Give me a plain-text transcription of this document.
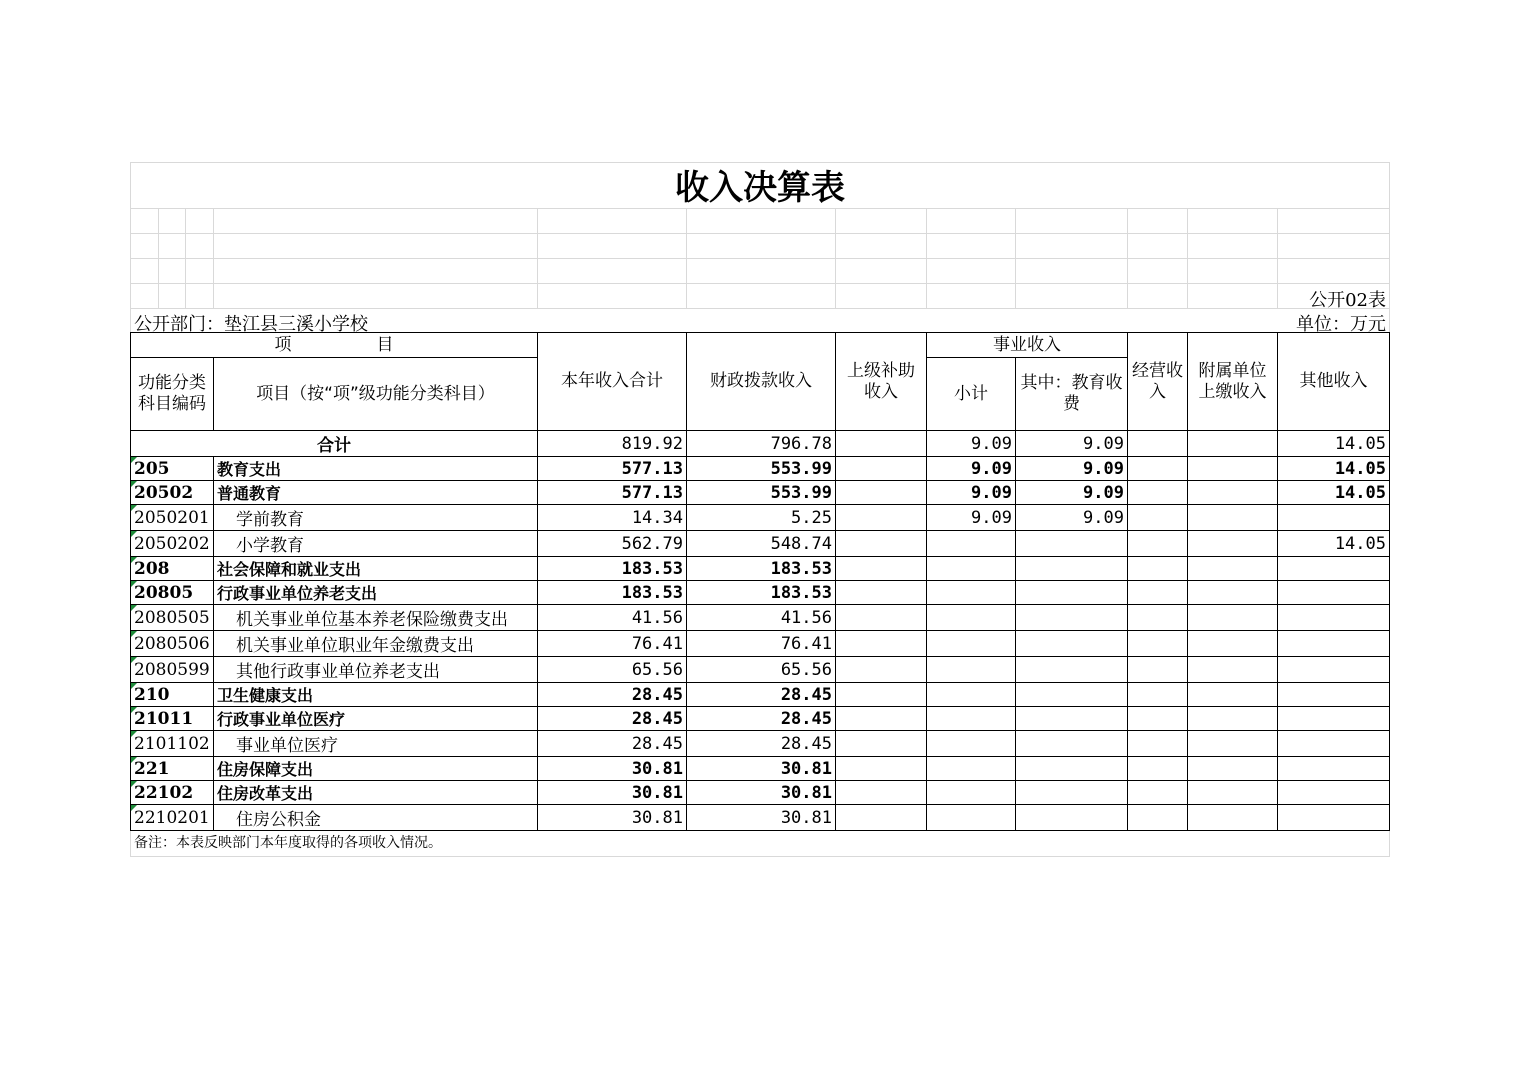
收入决算表
公开02表
公开部门：垫江县三溪小学校	单位：万元
项　　　　　目		本年收入合计	财政拨款收入	上级补助收入	事业收入		经营收入	附属单位上缴收入	其他收入
功能分类科目编码	项目（按“项”级功能分类科目）				小计	其中：教育收费			
合计		819.92	796.78		9.09	9.09			14.05
205	教育支出	577.13	553.99		9.09	9.09			14.05
20502	普通教育	577.13	553.99		9.09	9.09			14.05
2050201	学前教育	14.34	5.25		9.09	9.09			
2050202	小学教育	562.79	548.74						14.05
208	社会保障和就业支出	183.53	183.53						
20805	行政事业单位养老支出	183.53	183.53						
2080505	机关事业单位基本养老保险缴费支出	41.56	41.56						
2080506	机关事业单位职业年金缴费支出	76.41	76.41						
2080599	其他行政事业单位养老支出	65.56	65.56						
210	卫生健康支出	28.45	28.45						
21011	行政事业单位医疗	28.45	28.45						
2101102	事业单位医疗	28.45	28.45						
221	住房保障支出	30.81	30.81						
22102	住房改革支出	30.81	30.81						
2210201	住房公积金	30.81	30.81						
备注：本表反映部门本年度取得的各项收入情况。
